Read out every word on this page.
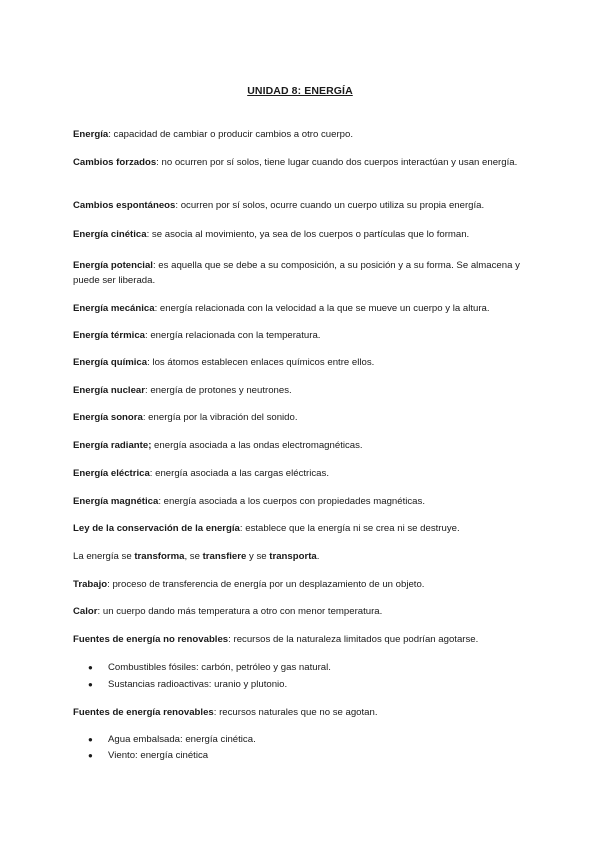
UNIDAD 8: ENERGÍA
Energía: capacidad de cambiar o producir cambios a otro cuerpo.
Cambios forzados: no ocurren por sí solos, tiene lugar cuando dos cuerpos interactúan y usan energía.
Cambios espontáneos: ocurren por sí solos, ocurre cuando un cuerpo utiliza su propia energía.
Energía cinética: se asocia al movimiento, ya sea de los cuerpos o partículas que lo forman.
Energía potencial: es aquella que se debe a su composición, a su posición y a su forma. Se almacena y puede ser liberada.
Energía mecánica: energía relacionada con la velocidad a la que se mueve un cuerpo y la altura.
Energía térmica: energía relacionada con la temperatura.
Energía química: los átomos establecen enlaces químicos entre ellos.
Energía nuclear: energía de protones y neutrones.
Energía sonora: energía por la vibración del sonido.
Energía radiante; energía asociada a las ondas electromagnéticas.
Energía eléctrica: energía asociada a las cargas eléctricas.
Energía magnética: energía asociada a los cuerpos con propiedades magnéticas.
Ley de la conservación de la energía: establece que la energía ni se crea ni se destruye.
La energía se transforma, se transfiere y se transporta.
Trabajo: proceso de transferencia de energía por un desplazamiento de un objeto.
Calor: un cuerpo dando más temperatura a otro con menor temperatura.
Fuentes de energía no renovables: recursos de la naturaleza limitados que podrían agotarse.
● Combustibles fósiles: carbón, petróleo y gas natural.
● Sustancias radioactivas: uranio y plutonio.
Fuentes de energía renovables: recursos naturales que no se agotan.
● Agua embalsada: energía cinética.
● Viento: energía cinética
